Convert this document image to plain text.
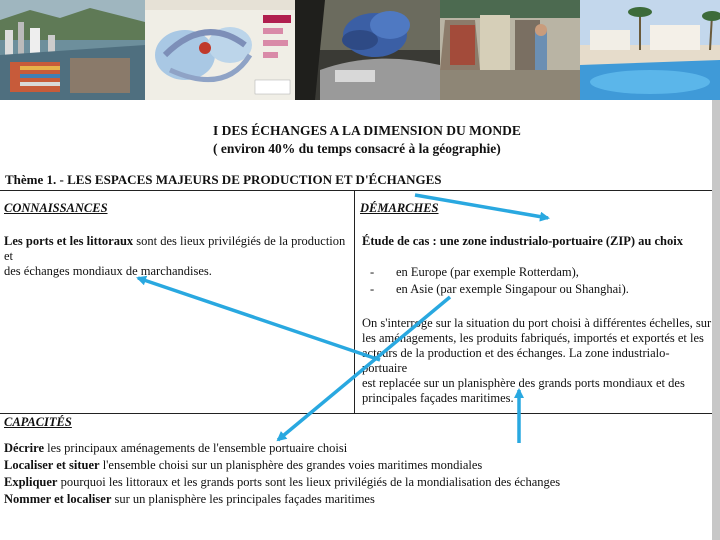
I DES ÉCHANGES A LA DIMENSION DU MONDE
( environ 40% du temps consacré à la géographie)
Thème 1. - LES ESPACES MAJEURS DE PRODUCTION ET D'ÉCHANGES
CONNAISSANCES
Les ports et les littoraux sont des lieux privilégiés de la production et
des échanges mondiaux de marchandises.
DÉMARCHES
Étude de cas : une zone industrialo-portuaire (ZIP) au choix
-	en Europe (par exemple Rotterdam),
-	en Asie (par exemple Singapour ou Shanghai).
On s'interroge sur la situation du port choisi à différentes échelles, sur
les aménagements, les produits fabriqués, importés et exportés et les
acteurs de la production et des échanges. La zone industrialo-portuaire
est replacée sur un planisphère des grands ports mondiaux et des
principales façades maritimes.
CAPACITÉS
Décrire les principaux aménagements de l'ensemble portuaire choisi
Localiser et situer l'ensemble choisi sur un planisphère des grandes voies maritimes mondiales
Expliquer pourquoi les littoraux et les grands ports sont les lieux privilégiés de la mondialisation des échanges
Nommer et localiser sur un planisphère les principales façades maritimes
